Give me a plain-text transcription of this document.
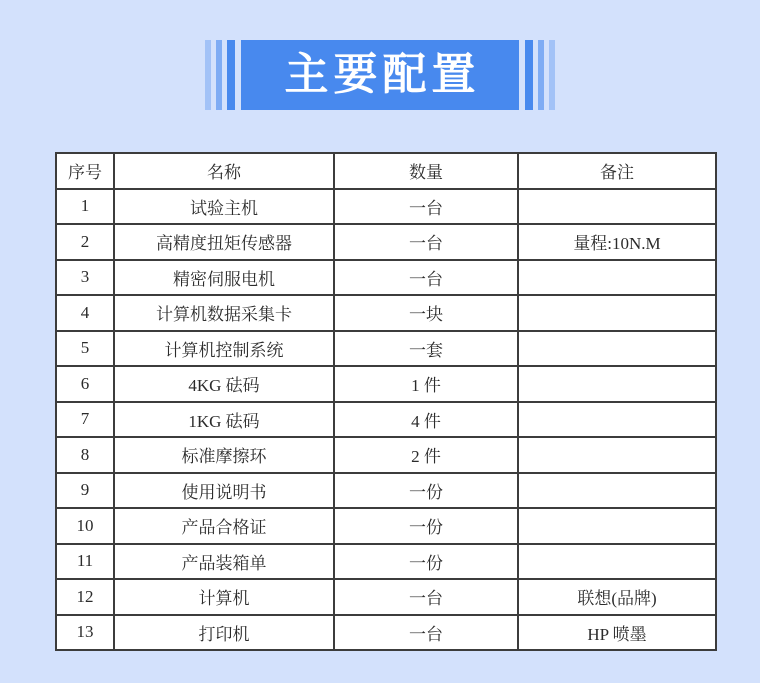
主要配置
序号	名称	数量	备注
1	试验主机	一台	
2	高精度扭矩传感器	一台	量程:10N.M
3	精密伺服电机	一台	
4	计算机数据采集卡	一块	
5	计算机控制系统	一套	
6	4KG 砝码	1 件	
7	1KG 砝码	4 件	
8	标准摩擦环	2 件	
9	使用说明书	一份	
10	产品合格证	一份	
11	产品装箱单	一份	
12	计算机	一台	联想(品牌)
13	打印机	一台	HP 喷墨
